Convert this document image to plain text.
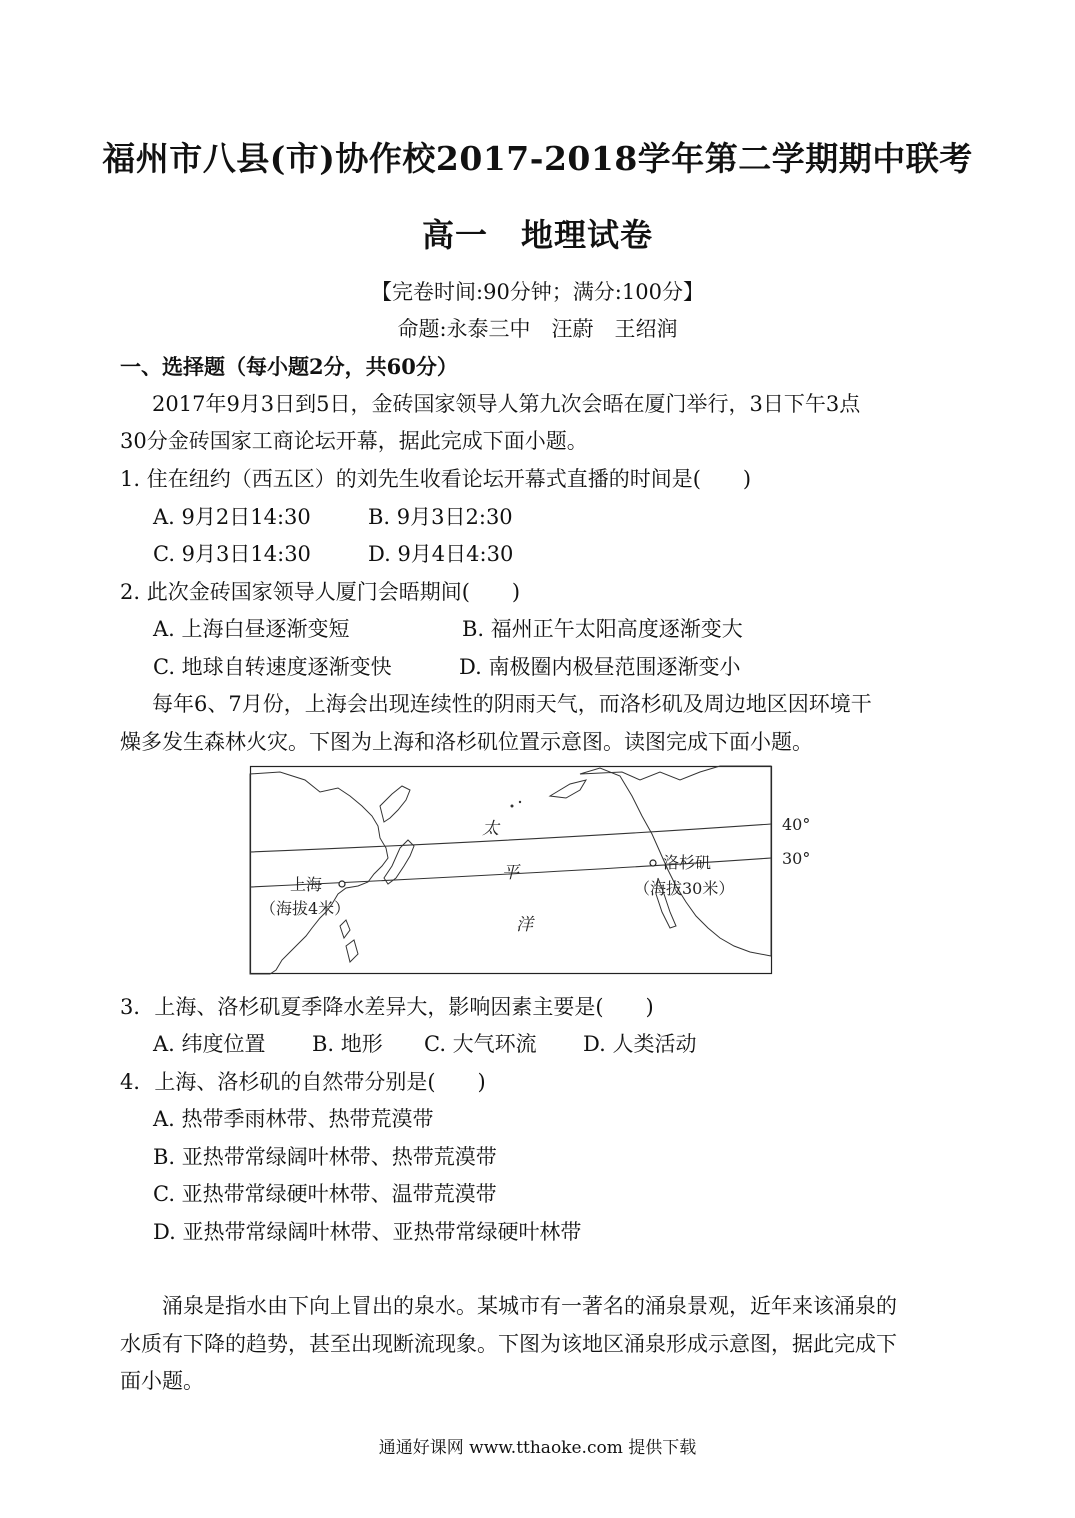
福州市八县(市)协作校2017-2018学年第二学期期中联考
高一　地理试卷
【完卷时间:90分钟；满分:100分】
命题:永泰三中　汪蔚　王绍润
一、选择题（每小题2分，共60分）
2017年9月3日到5日，金砖国家领导人第九次会晤在厦门举行，3日下午3点
30分金砖国家工商论坛开幕，据此完成下面小题。
1. 住在纽约（西五区）的刘先生收看论坛开幕式直播的时间是(　　)
A. 9月2日14:30	B. 9月3日2:30
C. 9月3日14:30	D. 9月4日4:30
2. 此次金砖国家领导人厦门会晤期间(　　)
A. 上海白昼逐渐变短	B. 福州正午太阳高度逐渐变大
C. 地球自转速度逐渐变快	D. 南极圈内极昼范围逐渐变小
每年6、7月份，上海会出现连续性的阴雨天气，而洛杉矶及周边地区因环境干
燥多发生森林火灾。下图为上海和洛杉矶位置示意图。读图完成下面小题。
40°
30°
太
平
洋
上海
（海拔4米）
洛杉矶
（海拔30米）
3．上海、洛杉矶夏季降水差异大，影响因素主要是(　　)
A. 纬度位置 B. 地形 C. 大气环流 D. 人类活动
4．上海、洛杉矶的自然带分别是(　　)
A. 热带季雨林带、热带荒漠带
B. 亚热带常绿阔叶林带、热带荒漠带
C. 亚热带常绿硬叶林带、温带荒漠带
D. 亚热带常绿阔叶林带、亚热带常绿硬叶林带
涌泉是指水由下向上冒出的泉水。某城市有一著名的涌泉景观，近年来该涌泉的
水质有下降的趋势，甚至出现断流现象。下图为该地区涌泉形成示意图，据此完成下
面小题。
通通好课网 www.tthaoke.com 提供下载
